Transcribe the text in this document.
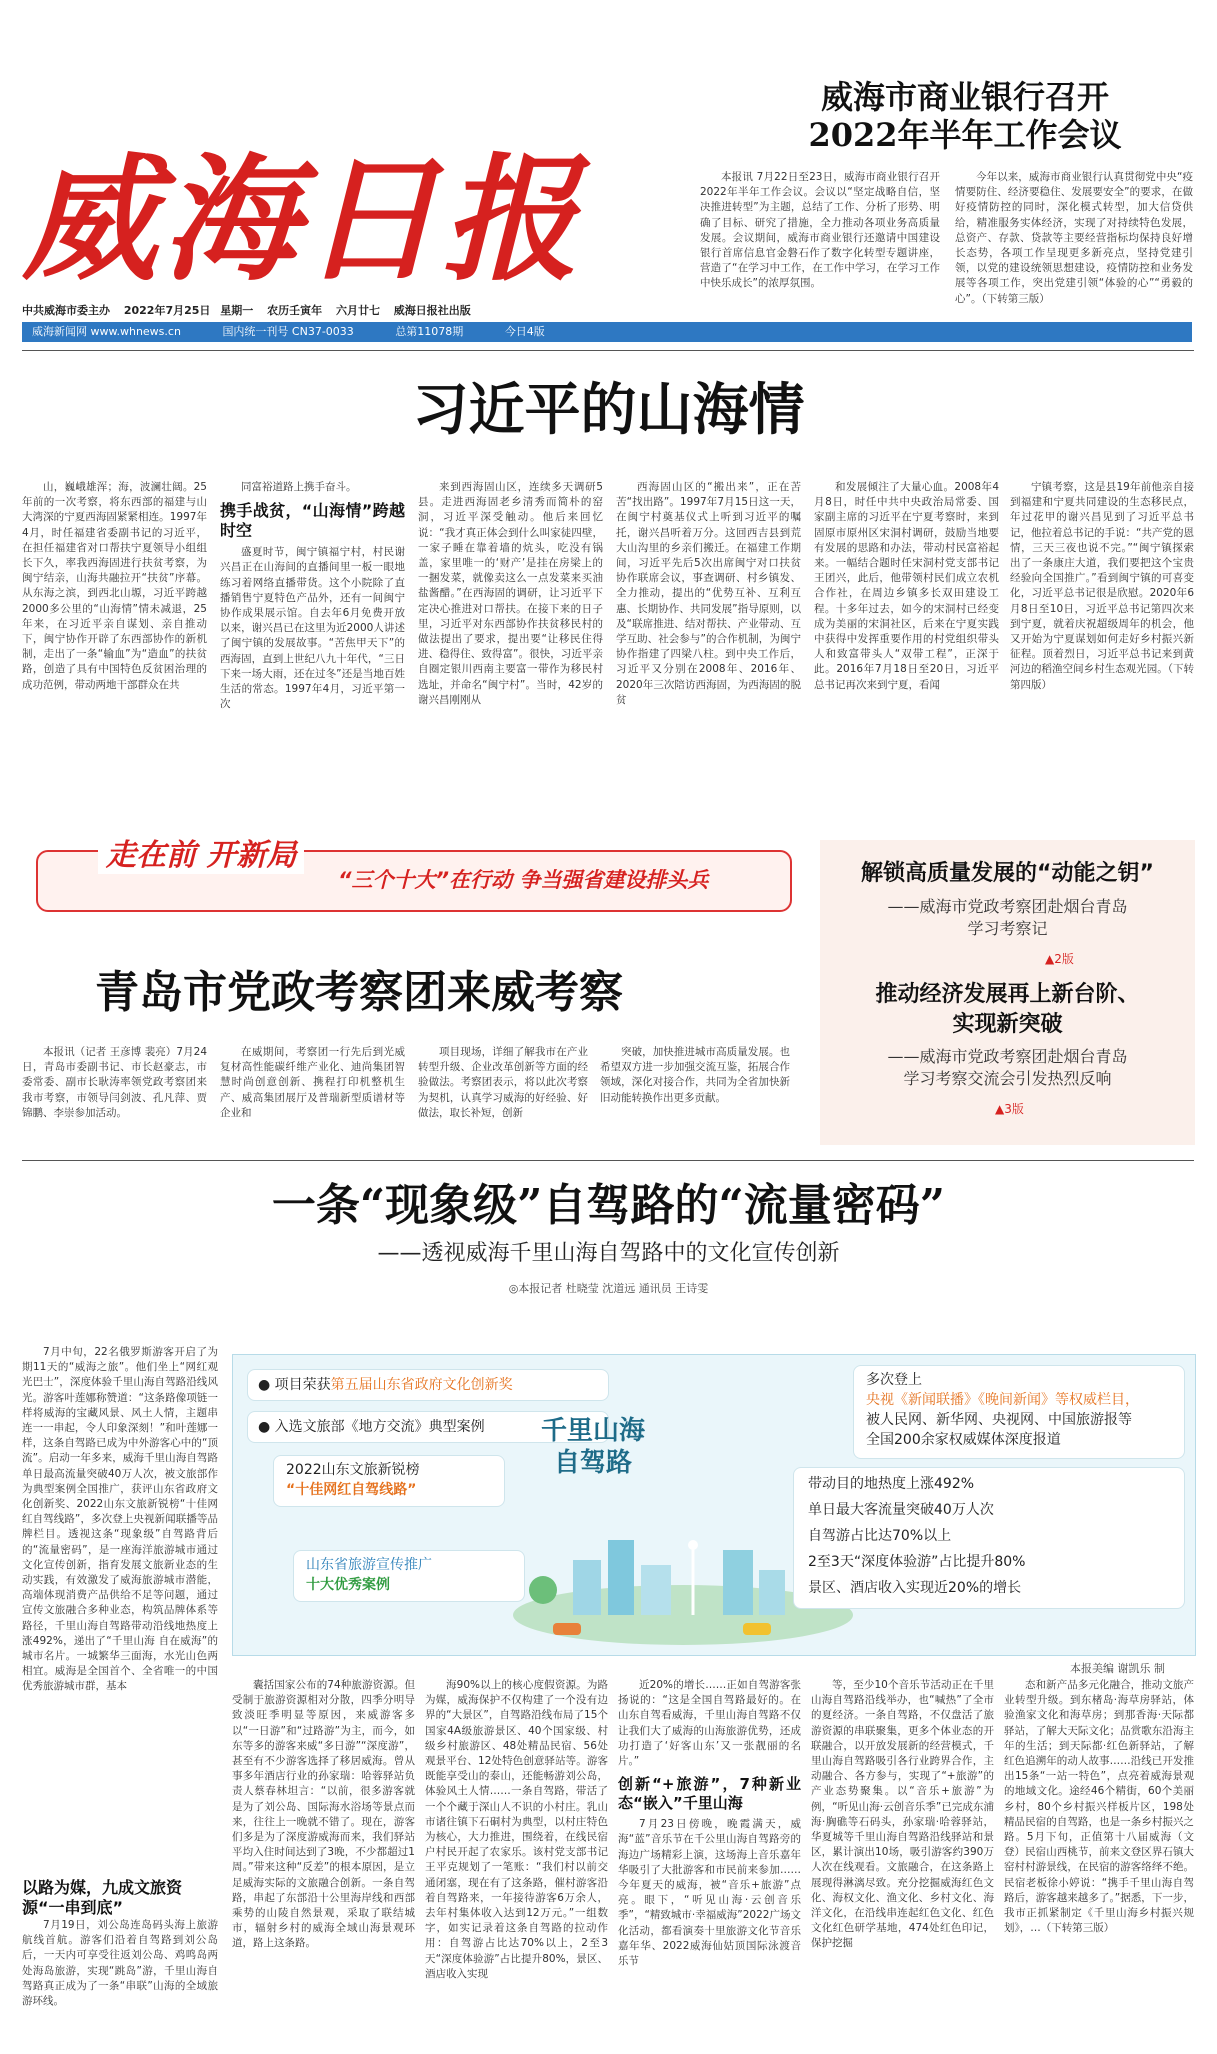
威 海 日 报
中共威海市委主办 2022年7月25日 星期一 农历壬寅年 六月廿七 威海日报社出版
威海新闻网 www.whnews.cn	国内统一刊号 CN37-0033	总第11078期	今日4版
威海市商业银行召开
2022年半年工作会议

本报讯 7月22日至23日，威海市商业银行召开2022年半年工作会议。会议以“坚定战略自信，坚决推进转型”为主题，总结了工作、分析了形势、明确了目标、研究了措施，全力推动各项业务高质量发展。会议期间，威海市商业银行还邀请中国建设银行首席信息官金磐石作了数字化转型专题讲座，营造了“在学习中工作，在工作中学习，在学习工作中快乐成长”的浓厚氛围。

今年以来，威海市商业银行认真贯彻党中央“疫情要防住、经济要稳住、发展要安全”的要求，在做好疫情防控的同时，深化模式转型，加大信贷供给，精准服务实体经济，实现了对持续特色发展，总资产、存款、贷款等主要经营指标均保持良好增长态势，各项工作呈现更多新亮点，坚持党建引领，以党的建设统领思想建设，疫情防控和业务发展等各项工作，突出党建引领“体验的心”“勇毅的心”。（下转第三版）

习近平的山海情

山，巍峨雄浑；海，波澜壮阔。25年前的一次考察，将东西部的福建与山大湾深的宁夏西海固紧紧相连。1997年4月，时任福建省委副书记的习近平，在担任福建省对口帮扶宁夏领导小组组长下久，率我西海固进行扶贫考察，为闽宁结亲，山海共融拉开“扶贫”序幕。从东海之滨，到西北山塬，习近平跨越2000多公里的“山海情”情未减退，25年来，在习近平亲自谋划、亲自推动下，闽宁协作开辟了东西部协作的新机制，走出了一条“输血”为“造血”的扶贫路，创造了具有中国特色反贫困治理的成功范例，带动两地干部群众在共

同富裕道路上携手奋斗。

携手战贫，“山海情”跨越时空

盛夏时节，闽宁镇福宁村，村民谢兴昌正在山海间的直播间里一板一眼地练习着网络直播带货。这个小院除了直播销售宁夏特色产品外，还有一间闽宁协作成果展示馆。自去年6月免费开放以来，谢兴昌已在这里为近2000人讲述了闽宁镇的发展故事。“苦焦甲天下”的西海固，直到上世纪八九十年代，“三日下来一场大雨，还在过冬”还是当地百姓生活的常态。1997年4月，习近平第一次

来到西海固山区，连续多天调研5县。走进西海固老乡清秀而简朴的窑洞，习近平深受触动。他后来回忆说：“我才真正体会到什么叫家徒四壁，一家子睡在靠着墙的炕头，吃没有锅盖，家里唯一的‘财产’是挂在房梁上的一捆发菜，就像卖这么一点发菜来买油盐酱醋。”在西海固的调研，让习近平下定决心推进对口帮扶。在接下来的日子里，习近平对东西部协作扶贫移民村的做法提出了要求，提出要“让移民住得进、稳得住、致得富”。很快，习近平亲自圈定银川西南主要富一带作为移民村选址，并命名“闽宁村”。当时，42岁的谢兴昌刚刚从

西海固山区的“搬出来”，正在苦苦“找出路”。1997年7月15日这一天，在闽宁村奠基仪式上听到习近平的嘱托，谢兴昌听着万分。这回西吉县到荒大山沟里的乡亲们搬迁。在福建工作期间，习近平先后5次出席闽宁对口扶贫协作联席会议，事查调研、村乡镇发、全力推动，提出的“优势互补、互利互惠、长期协作、共同发展”指导原则，以及“联席推进、结对帮扶、产业带动、互学互助、社会参与”的合作机制，为闽宁协作指建了四梁八柱。到中央工作后，习近平又分别在2008年、2016年、2020年三次陪访西海固，为西海固的脱贫

和发展倾注了大量心血。2008年4月8日，时任中共中央政治局常委、国家副主席的习近平在宁夏考察时，来到固原市原州区宋洞村调研，鼓励当地要有发展的思路和办法，带动村民富裕起来。一幅结合题时任宋洞村党支部书记王团兴，此后，他带领村民们成立农机合作社，在周边乡镇多长双田建设工程。十多年过去，如今的宋洞村已经变成为美丽的宋洞社区，后来在宁夏实践中获得中发挥重要作用的村党组织带头人和致富带头人“双带工程”，正深于此。2016年7月18日至20日，习近平总书记再次来到宁夏，看闻

宁镇考察，这是县19年前他亲自接到福建和宁夏共同建设的生态移民点，年过花甲的谢兴昌见到了习近平总书记，他拉着总书记的手说：“共产党的恩情，三天三夜也说不完。”“闽宁镇探索出了一条康庄大道，我们要把这个宝贵经验向全国推广。”看到闽宁镇的可喜变化，习近平总书记很是欣慰。2020年6月8日至10日，习近平总书记第四次来到宁夏，就着庆祝超级周年的机会，他又开始为宁夏谋划如何走好乡村振兴新征程。顶着烈日，习近平总书记来到黄河边的稻渔空间乡村生态观光园。（下转第四版）

走在前 开新局
“三个十大”在行动 争当强省建设排头兵
青岛市党政考察团来威考察

本报讯（记者 王彦博 裴亮）7月24日，青岛市委副书记、市长赵豪志，市委常委、副市长耿涛率领党政考察团来我市考察，市领导闫剑波、孔凡萍、贾锦鹏、李崇参加活动。

在威期间，考察团一行先后到光威复材高性能碳纤维产业化、迪尚集团智慧时尚创意创新、携程打印机整机生产、威高集团展厅及普瑞新型质谱材等企业和

项目现场，详细了解我市在产业转型升级、企业改革创新等方面的经验做法。考察团表示，将以此次考察为契机，认真学习威海的好经验、好做法，取长补短，创新

突破，加快推进城市高质量发展。也希望双方进一步加强交流互鉴，拓展合作领域，深化对接合作，共同为全省加快新旧动能转换作出更多贡献。

解锁高质量发展的“动能之钥”
——威海市党政考察团赴烟台青岛
学习考察记
▲2版
推动经济发展再上新台阶、
实现新突破
——威海市党政考察团赴烟台青岛
学习考察交流会引发热烈反响
▲3版
一条“现象级”自驾路的“流量密码”
——透视威海千里山海自驾路中的文化宣传创新
◎本报记者 杜晓莹 沈道远 通讯员 王诗雯

7月中旬，22名俄罗斯游客开启了为期11天的“威海之旅”。他们坐上“网红观光巴士”，深度体验千里山海自驾路沿线风光。游客叶莲娜称赞道：“这条路像项链一样将威海的宝藏风景、风土人情，主题串连一一串起，令人印象深刻！”和叶莲娜一样，这条自驾路已成为中外游客心中的“顶流”。启动一年多来，威海千里山海自驾路单日最高流量突破40万人次，被文旅部作为典型案例全国推广，获评山东省政府文化创新奖、2022山东文旅新锐榜“十佳网红自驾线路”，多次登上央视新闻联播等品牌栏目。透视这条“现象级”自驾路背后的“流量密码”，是一座海洋旅游城市通过文化宣传创新，指育发展文旅新业态的生动实践，有效激发了威海旅游城市潜能，高端体现消费产品供给不足等问题，通过宣传文旅融合多种业态，构筑品牌体系等路径，千里山海自驾路带动沿线地热度上涨492%，递出了“千里山海 自在威海”的城市名片。一城繁华三面海，水光山色两相宜。威海是全国首个、全省唯一的中国优秀旅游城市群，基本

以路为媒，九成文旅资源“一串到底”

7月19日，刘公岛连岛码头海上旅游航线首航。游客们沿着自驾路到刘公岛后，一天内可享受往返刘公岛、鸡鸣岛两处海岛旅游，实现“跳岛”游，千里山海自驾路真正成为了一条“串联”山海的全域旅游环线。

● 项目荣获第五届山东省政府文化创新奖
● 入选文旅部《地方交流》典型案例
2022山东文旅新锐榜
“十佳网红自驾线路”
山东省旅游宣传推广
十大优秀案例
千里山海
自驾路
多次登上
央视《新闻联播》《晚间新闻》等权威栏目，
被人民网、新华网、央视网、中国旅游报等
全国200余家权威媒体深度报道
带动目的地热度上涨492%
单日最大客流量突破40万人次
自驾游占比达70%以上
2至3天“深度体验游”占比提升80%
景区、酒店收入实现近20%的增长
本报美编 谢凯乐 制

囊括国家公布的74种旅游资源。但受制于旅游资源相对分散，四季分明导致淡旺季明显等原因，来威游客多以“一日游”和“过路游”为主，而今，如东等多的游客来威“多日游”“深度游”，甚至有不少游客选择了移居威海。曾从事多年酒店行业的孙家瑞：哈蓉驿站负责人蔡春林坦言：“以前，很多游客就是为了刘公岛、国际海水浴场等景点而来，往往上一晚就不错了。现在，游客们多是为了深度游威海而来，我们驿站平均入住时间达到了3晚，不少都超过1周。”带来这种“反差”的根本原因，是立足威海实际的文旅融合创新。一条自驾路，串起了东部沿十公里海岸线和西部乘势的山陵自然景观，采取了联结城市，辐射乡村的威海全域山海景观环道，路上这条路。

海90%以上的核心度假资源。为路为媒，威海保护不仅构建了一个没有边界的“大景区”，自驾路沿线布局了15个国家4A级旅游景区、40个国家级、村级乡村旅游区、48处精品民宿、56处观景平台、12处特色创意驿站等。游客既能享受山的泰山，还能畅游刘公岛，体验风土人情……一条自驾路，带活了一个个藏于深山人不识的小村庄。乳山市诸往镇下石硐村为典型，以村庄特色为核心，大力推进，围绕着，在线民宿户村民开起了农家乐。该村党支部书记王平克规划了一笔账：“我们村以前交通闭塞，现在有了这条路，催村游客沿着自驾路来，一年接待游客6万余人，去年村集体收入达到12万元。”一组数字，如实记录着这条自驾路的拉动作用：自驾游占比达70%以上，2至3天“深度体验游”占比提升80%，景区、酒店收入实现

近20%的增长……正如自驾游客张扬说的：“这是全国自驾路最好的。在山东自驾看威海，千里山海自驾路不仅让我们大了威海的山海旅游优势，还成功打造了‘好客山东’又一张靓丽的名片。”

创新“+旅游”，7种新业态“嵌入”千里山海

7月23日傍晚，晚霞满天，威海“蓝”音乐节在千公里山海自驾路旁的海边广场精彩上演，这场海上音乐嘉年华吸引了大批游客和市民前来参加……今年夏天的威海，被“音乐+旅游”点亮。眼下，“听见山海·云创音乐季”，“精致城市·幸福威海”2022广场文化活动，都看演奏十里旅游文化节音乐嘉年华、2022威海仙姑顶国际泳渡音乐节

等，至少10个音乐节活动正在千里山海自驾路沿线举办，也“喊热”了全市的夏经济。一条自驾路，不仅盘活了旅游资源的串联聚集，更多个体业态的开联融合，以开放发展新的经营模式，千里山海自驾路吸引各行业跨界合作，主动融合、各方参与，实现了“+旅游”的产业态势聚集。以“音乐+旅游”为例，“听见山海·云创音乐季”已完成东浦海·胸礁等石码头，孙家瑞·哈蓉驿站，华夏城等千里山海自驾路沿线驿站和景区，累计演出10场，吸引游客约390万人次在线观看。文旅融合，在这条路上展现得淋漓尽致。充分挖掘威海红色文化、海权文化、渔文化、乡村文化、海洋文化，在沿线串连起红色文化、红色文化红色研学基地，474处红色印记，保护挖掘

态和新产品多元化融合，推动文旅产业转型升级。到东楮岛·海草房驿站，体验渔家文化和海草房；到那香海·天际都驿站，了解大天际文化；品赏歌东沿海主年的生活；到天际都·红色新驿站，了解红色追溯年的动人故事……沿线已开发推出15条“一站一特色”，点亮着威海景观的地域文化。途经46个精街，60个美丽乡村，80个乡村振兴样板片区，198处精品民宿的自驾路，也是一条乡村振兴之路。5月下旬，正值第十八届威海（文登）民宿山西桃节，前来文登区界石镇大窑村村游景线，在民宿的游客络绎不绝。民宿老板徐小婷说：“携手千里山海自驾路后，游客越来越多了。”据悉，下一步，我市正抓紧制定《千里山海乡村振兴规划》，…（下转第三版）
